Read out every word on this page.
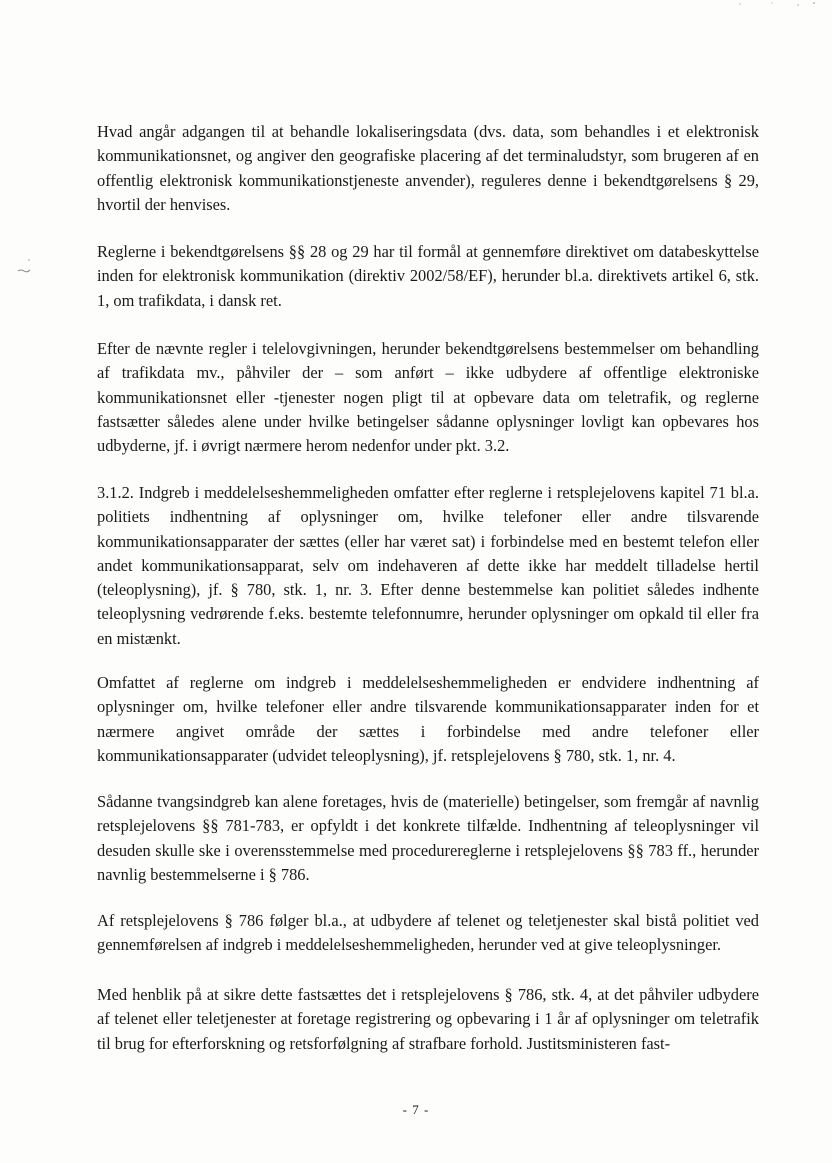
Hvad angår adgangen til at behandle lokaliseringsdata (dvs. data, som behandles i et elektronisk kommunikationsnet, og angiver den geografiske placering af det terminaludstyr, som brugeren af en offentlig elektronisk kommunikationstjeneste anvender), reguleres denne i bekendtgørelsens § 29, hvortil der henvises.

Reglerne i bekendtgørelsens §§ 28 og 29 har til formål at gennemføre direktivet om databeskyttelse inden for elektronisk kommunikation (direktiv 2002/58/EF), herunder bl.a. direktivets artikel 6, stk. 1, om trafikdata, i dansk ret.

Efter de nævnte regler i telelovgivningen, herunder bekendtgørelsens bestemmelser om behandling af trafikdata mv., påhviler der – som anført – ikke udbydere af offentlige elektroniske kommunikationsnet eller -tjenester nogen pligt til at opbevare data om teletrafik, og reglerne fastsætter således alene under hvilke betingelser sådanne oplysninger lovligt kan opbevares hos udbyderne, jf. i øvrigt nærmere herom nedenfor under pkt. 3.2.

3.1.2. Indgreb i meddelelseshemmeligheden omfatter efter reglerne i retsplejelovens kapitel 71 bl.a. politiets indhentning af oplysninger om, hvilke telefoner eller andre tilsvarende kommunikationsapparater der sættes (eller har været sat) i forbindelse med en bestemt telefon eller andet kommunikationsapparat, selv om indehaveren af dette ikke har meddelt tilladelse hertil (teleoplysning), jf. § 780, stk. 1, nr. 3. Efter denne bestemmelse kan politiet således indhente teleoplysning vedrørende f.eks. bestemte telefonnumre, herunder oplysninger om opkald til eller fra en mistænkt.

Omfattet af reglerne om indgreb i meddelelseshemmeligheden er endvidere indhentning af oplysninger om, hvilke telefoner eller andre tilsvarende kommunikationsapparater inden for et nærmere angivet område der sættes i forbindelse med andre telefoner eller kommunikationsapparater (udvidet teleoplysning), jf. retsplejelovens § 780, stk. 1, nr. 4.

Sådanne tvangsindgreb kan alene foretages, hvis de (materielle) betingelser, som fremgår af navnlig retsplejelovens §§ 781-783, er opfyldt i det konkrete tilfælde. Indhentning af teleoplysninger vil desuden skulle ske i overensstemmelse med procedurereglerne i retsplejelovens §§ 783 ff., herunder navnlig bestemmelserne i § 786.

Af retsplejelovens § 786 følger bl.a., at udbydere af telenet og teletjenester skal bistå politiet ved gennemførelsen af indgreb i meddelelseshemmeligheden, herunder ved at give teleoplysninger.

Med henblik på at sikre dette fastsættes det i retsplejelovens § 786, stk. 4, at det påhviler udbydere af telenet eller teletjenester at foretage registrering og opbevaring i 1 år af oplysninger om teletrafik til brug for efterforskning og retsforfølgning af strafbare forhold. Justitsministeren fast-

- 7 -
